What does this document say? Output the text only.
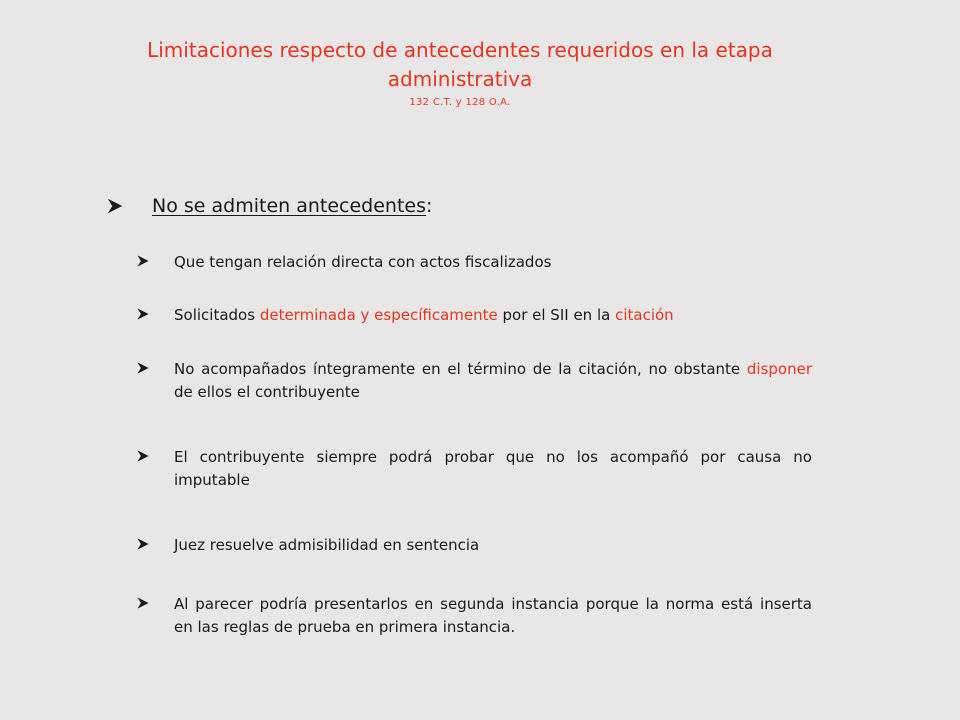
Limitaciones respecto de antecedentes requeridos en la etapa
administrativa
132 C.T. y 128 O.A.
No se admiten antecedentes :
Que tengan relación directa con actos fiscalizados
Solicitados determinada y específicamente por el SII en la citación
No acompañados íntegramente en el término de la citación, no obstante disponer de ellos el contribuyente
El contribuyente siempre podrá probar que no los acompañó por causa no imputable
Juez resuelve admisibilidad en sentencia
Al parecer podría presentarlos en segunda instancia porque la norma está inserta en las reglas de prueba en primera instancia.
